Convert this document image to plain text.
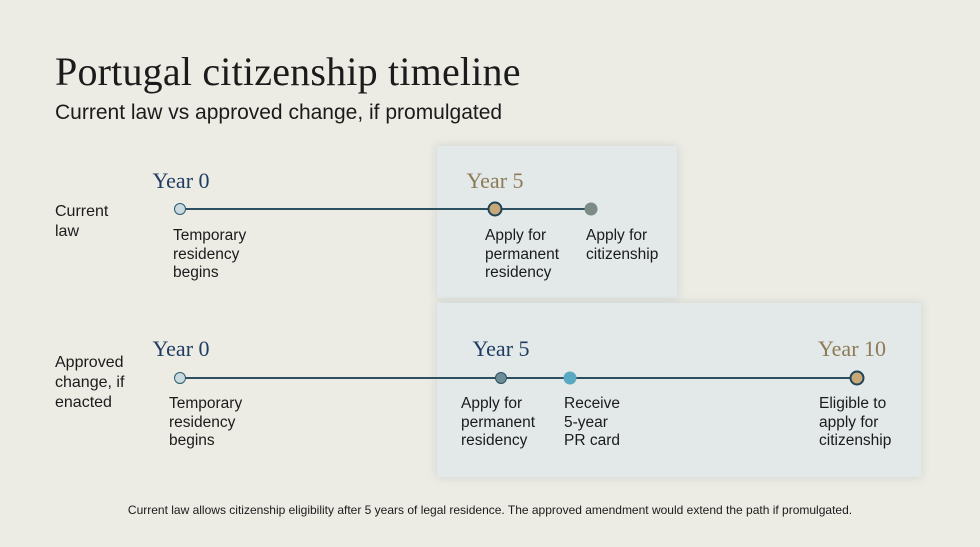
Portugal citizenship timeline
Current law vs approved change, if promulgated
Current
law
Year 0	Year 5
Temporary
residency
begins
Apply for
permanent
residency
Apply for
citizenship
Approved
change, if
enacted
Year 0	Year 5	Year 10
Temporary
residency
begins
Apply for
permanent
residency
Receive
5-year
PR card
Eligible to
apply for
citizenship
Current law allows citizenship eligibility after 5 years of legal residence. The approved amendment would extend the path if promulgated.
